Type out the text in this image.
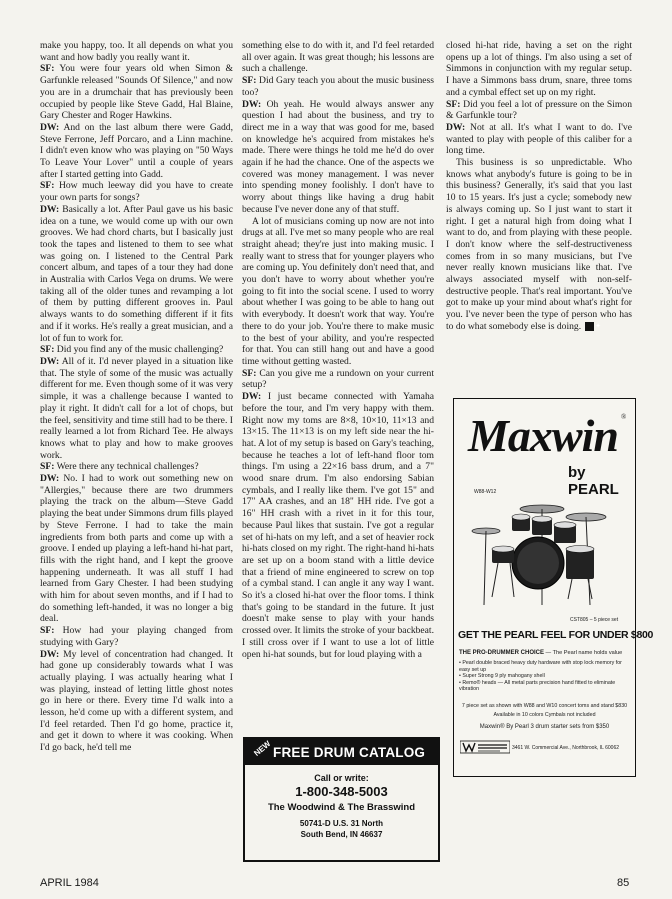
make you happy, too. It all depends on what you want and how badly you really want it.

SF: You were four years old when Simon & Garfunkle released "Sounds Of Silence," and now you are in a drumchair that has previously been occupied by people like Steve Gadd, Hal Blaine, Gary Chester and Roger Hawkins.

DW: And on the last album there were Gadd, Steve Ferrone, Jeff Porcaro, and a Linn machine. I didn't even know who was playing on "50 Ways To Leave Your Lover" until a couple of years after I started getting into Gadd.

SF: How much leeway did you have to create your own parts for songs?

DW: Basically a lot. After Paul gave us his basic idea on a tune, we would come up with our own grooves. We had chord charts, but I basically just took the tapes and listened to them to see what was going on. I listened to the Central Park concert album, and tapes of a tour they had done in Australia with Carlos Vega on drums. We were taking all of the older tunes and revamping a lot of them by putting different grooves in. Paul always wants to do something different if it fits and if it works. He's really a great musician, and a lot of fun to work for.

SF: Did you find any of the music challenging?

DW: All of it. I'd never played in a situation like that. The style of some of the music was actually different for me. Even though some of it was very simple, it was a challenge because I wanted to play it right. It didn't call for a lot of chops, but the feel, sensitivity and time still had to be there. I really learned a lot from Richard Tee. He always knows what to play and how to make grooves work.

SF: Were there any technical challenges?

DW: No. I had to work out something new on "Allergies," because there are two drummers playing the track on the album—Steve Gadd playing the beat under Simmons drum fills played by Steve Ferrone. I had to take the main ingredients from both parts and come up with a groove. I ended up playing a left-hand hi-hat part, fills with the right hand, and I kept the groove happening underneath. It was all stuff I had learned from Gary Chester. I had been studying with him for about seven months, and if I had to do something left-handed, it was no longer a big deal.

SF: How had your playing changed from studying with Gary?

DW: My level of concentration had changed. It had gone up considerably towards what I was actually playing. I was actually hearing what I was playing, instead of letting little ghost notes go in here or there. Every time I'd walk into a lesson, he'd come up with a different system, and I'd feel retarded. Then I'd go home, practice it, and get it down to where it was cooking. When I'd go back, he'd tell me

something else to do with it, and I'd feel retarded all over again. It was great though; his lessons are such a challenge.

SF: Did Gary teach you about the music business too?

DW: Oh yeah. He would always answer any question I had about the business, and try to direct me in a way that was good for me, based on knowledge he's acquired from mistakes he's made. There were things he told me he'd do over again if he had the chance. One of the aspects we covered was money management. I was never into spending money foolishly. I don't have to worry about things like having a drug habit because I've never done any of that stuff.

A lot of musicians coming up now are not into drugs at all. I've met so many people who are real straight ahead; they're just into making music. I really want to stress that for younger players who are coming up. You definitely don't need that, and you don't have to worry about whether you're going to fit into the social scene. I used to worry about whether I was going to be able to hang out with everybody. It doesn't work that way. You're there to do your job. You're there to make music to the best of your ability, and you're respected for that. You can still hang out and have a good time without getting wasted.

SF: Can you give me a rundown on your current setup?

DW: I just became connected with Yamaha before the tour, and I'm very happy with them. Right now my toms are 8×8, 10×10, 11×13 and 13×15. The 11×13 is on my left side near the hi-hat. A lot of my setup is based on Gary's teaching, because he teaches a lot of left-hand floor tom things. I'm using a 22×16 bass drum, and a 7" wood snare drum. I'm also endorsing Sabian cymbals, and I really like them. I've got 15" and 17" AA crashes, and an 18" HH ride. I've got a 16" HH crash with a rivet in it for this tour, because Paul likes that sustain. I've got a regular set of hi-hats on my left, and a set of heavier rock hi-hats closed on my right. The right-hand hi-hats are set up on a boom stand with a little device that a friend of mine engineered to screw on top of a cymbal stand. I can angle it any way I want. So it's a closed hi-hat over the floor toms. I think that's going to be standard in the future. It just doesn't make sense to play with your hands crossed over. It limits the stroke of your backbeat. I still cross over if I want to use a lot of little open hi-hat sounds, but for loud playing with a

closed hi-hat ride, having a set on the right opens up a lot of things. I'm also using a set of Simmons in conjunction with my regular setup. I have a Simmons bass drum, snare, three toms and a cymbal effect set up on my right.

SF: Did you feel a lot of pressure on the Simon & Garfunkle tour?

DW: Not at all. It's what I want to do. I've wanted to play with people of this caliber for a long time.

This business is so unpredictable. Who knows what anybody's future is going to be in this business? Generally, it's said that you last 10 to 15 years. It's just a cycle; somebody new is always coming up. So I just want to start it right. I get a natural high from doing what I want to do, and from playing with these people. I don't know where the self-destructiveness comes from in so many musicians, but I've never really known musicians like that. I've always associated myself with non-self-destructive people. That's real important. You've got to make up your mind about what's right for you. I've never been the type of person who has to do what somebody else is doing. ✦

NEW FREE DRUM CATALOG
Call or write:
1-800-348-5003
The Woodwind & The Brasswind
50741-D U.S. 31 North
South Bend, IN 46637
Maxwin ®
by PEARL
W88-W12
CST805 – 5 piece set
GET THE PEARL FEEL FOR UNDER $800
THE PRO-DRUMMER CHOICE — The Pearl name holds value
• Pearl double braced heavy duty hardware with stop lock memory for easy set up
• Super Strong 9 ply mahogany shell
• Remo® heads — All metal parts precision hand fitted to eliminate vibration
7 piece set as shown with W88 and W10 concert toms and stand $830
Available in 10 colors Cymbals not included
Maxwin® By Pearl 3 drum starter sets from $350
3461 W. Commercial Ave., Northbrook, IL 60062
APRIL 1984	85
